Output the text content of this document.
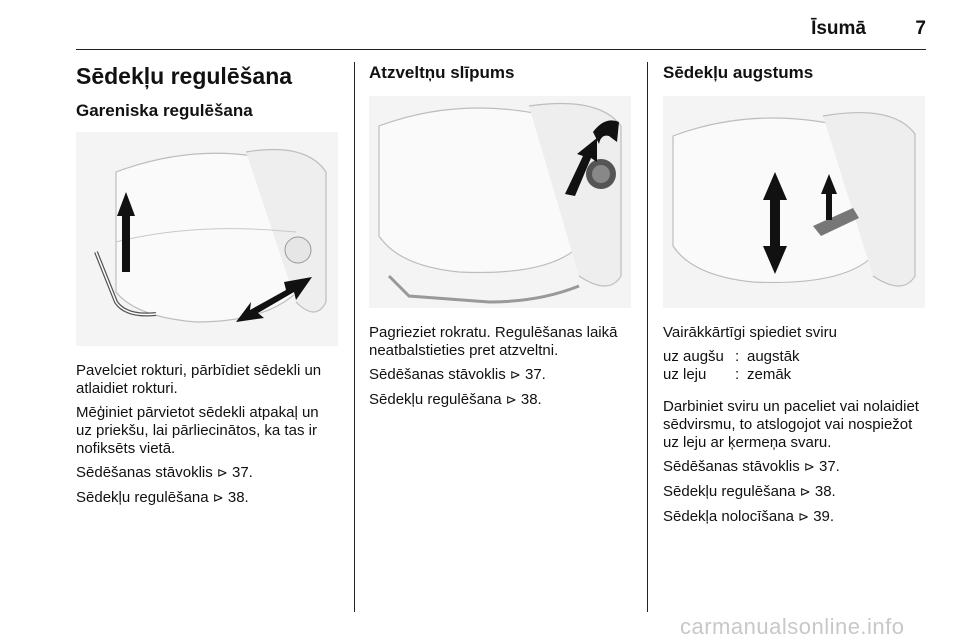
Īsumā	7
Sēdekļu regulēšana
Gareniska regulēšana

Pavelciet rokturi, pārbīdiet sēdekli un atlaidiet rokturi.

Mēģiniet pārvietot sēdekli atpakaļ un uz priekšu, lai pārliecinātos, ka tas ir nofiksēts vietā.

Sēdēšanas stāvoklis ⊳ 37.

Sēdekļu regulēšana ⊳ 38.

Atzveltņu slīpums

Pagrieziet rokratu. Regulēšanas laikā neatbalstieties pret atzveltni.

Sēdēšanas stāvoklis ⊳ 37.

Sēdekļu regulēšana ⊳ 38.

Sēdekļu augstums

Vairākkārtīgi spiediet sviru

uz augšu : augstāk
uz leju	: zemāk

Darbiniet sviru un paceliet vai nolaidiet sēdvirsmu, to atslogojot vai nospiežot uz leju ar ķermeņa svaru.

Sēdēšanas stāvoklis ⊳ 37.

Sēdekļu regulēšana ⊳ 38.

Sēdekļa nolocīšana ⊳ 39.

carmanualsonline.info
